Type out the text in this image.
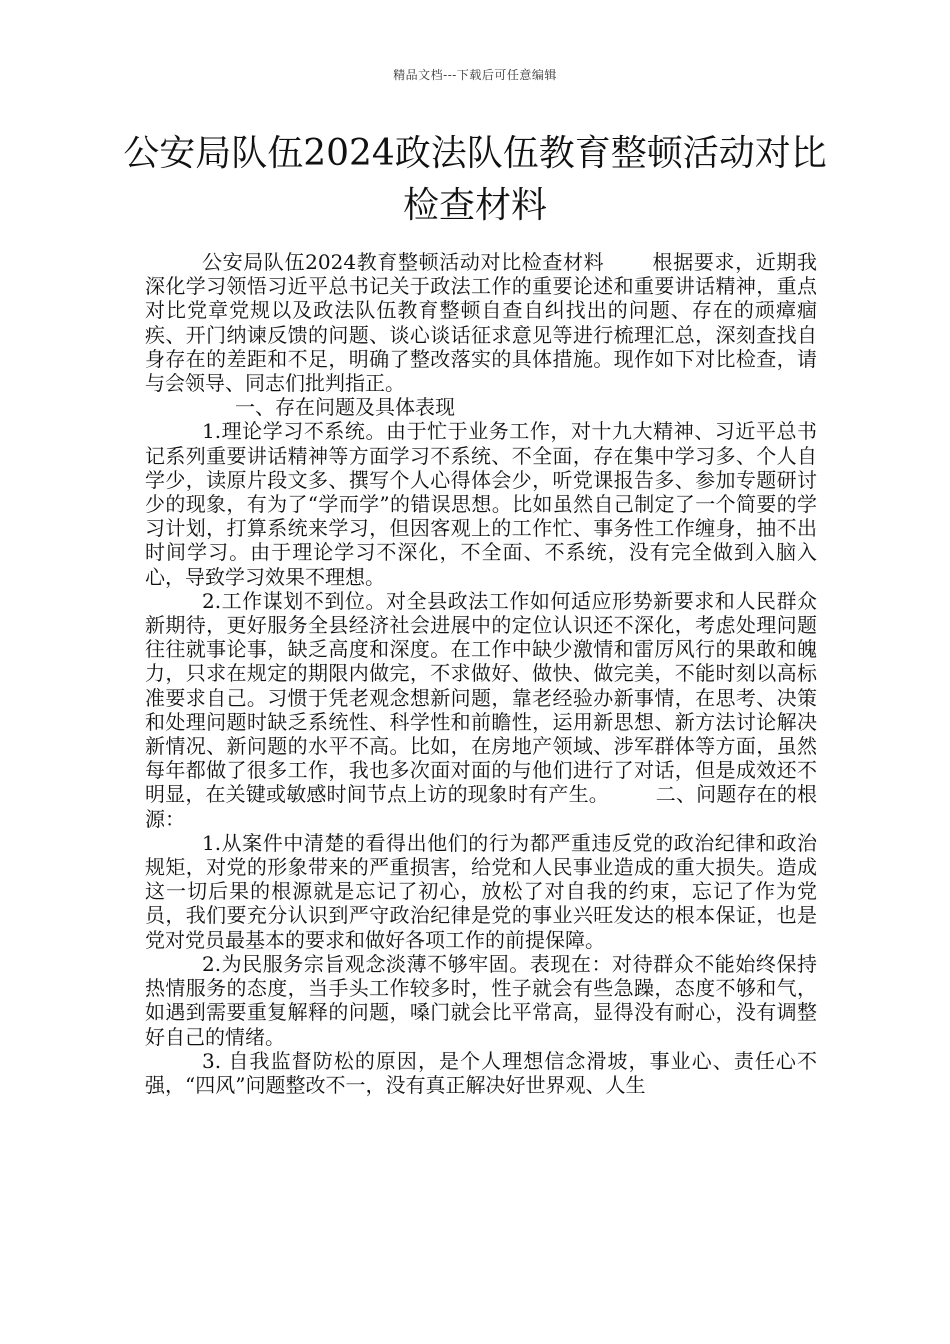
精品文档---下载后可任意编辑
公安局队伍2024政法队伍教育整顿活动对比检查材料

公安局队伍2024教育整顿活动对比检查材料 　　根据要求，近期我深化学习领悟习近平总书记关于政法工作的重要论述和重要讲话精神，重点对比党章党规以及政法队伍教育整顿自查自纠找出的问题、存在的顽瘴痼疾、开门纳谏反馈的问题、谈心谈话征求意见等进行梳理汇总，深刻查找自身存在的差距和不足，明确了整改落实的具体措施。现作如下对比检查，请与会领导、同志们批判指正。

一、存在问题及具体表现

1.理论学习不系统。由于忙于业务工作，对十九大精神、习近平总书记系列重要讲话精神等方面学习不系统、不全面，存在集中学习多、个人自学少，读原片段文多、撰写个人心得体会少，听党课报告多、参加专题研讨少的现象，有为了“学而学”的错误思想。比如虽然自己制定了一个简要的学习计划，打算系统来学习，但因客观上的工作忙、事务性工作缠身，抽不出时间学习。由于理论学习不深化，不全面、不系统，没有完全做到入脑入心，导致学习效果不理想。

2.工作谋划不到位。对全县政法工作如何适应形势新要求和人民群众新期待，更好服务全县经济社会进展中的定位认识还不深化，考虑处理问题往往就事论事，缺乏高度和深度。在工作中缺少激情和雷厉风行的果敢和魄力，只求在规定的期限内做完，不求做好、做快、做完美，不能时刻以高标准要求自己。习惯于凭老观念想新问题，靠老经验办新事情，在思考、决策和处理问题时缺乏系统性、科学性和前瞻性，运用新思想、新方法讨论解决新情况、新问题的水平不高。比如，在房地产领域、涉军群体等方面，虽然每年都做了很多工作，我也多次面对面的与他们进行了对话，但是成效还不明显，在关键或敏感时间节点上访的现象时有产生。 　　二、问题存在的根源：

1.从案件中清楚的看得出他们的行为都严重违反党的政治纪律和政治规矩，对党的形象带来的严重损害，给党和人民事业造成的重大损失。造成这一切后果的根源就是忘记了初心，放松了对自我的约束，忘记了作为党员，我们要充分认识到严守政治纪律是党的事业兴旺发达的根本保证，也是党对党员最基本的要求和做好各项工作的前提保障。

2.为民服务宗旨观念淡薄不够牢固。表现在：对待群众不能始终保持热情服务的态度，当手头工作较多时，性子就会有些急躁，态度不够和气，如遇到需要重复解释的问题，嗓门就会比平常高，显得没有耐心，没有调整好自己的情绪。

3. 自我监督防松的原因，是个人理想信念滑坡，事业心、责任心不强，“四风”问题整改不一，没有真正解决好世界观、人生
